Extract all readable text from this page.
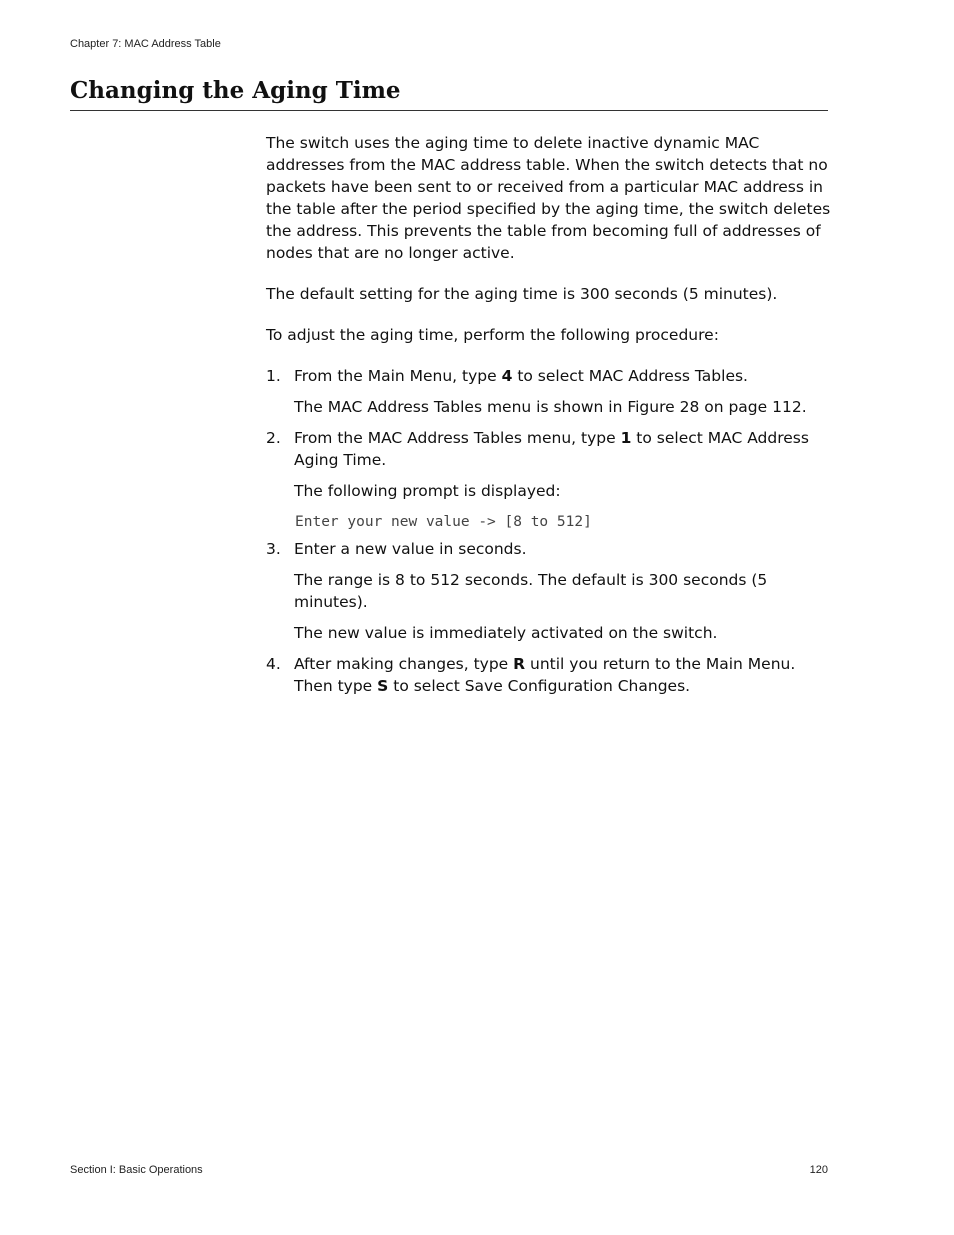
Chapter 7: MAC Address Table
Changing the Aging Time

The switch uses the aging time to delete inactive dynamic MAC addresses from the MAC address table. When the switch detects that no packets have been sent to or received from a particular MAC address in the table after the period specified by the aging time, the switch deletes the address. This prevents the table from becoming full of addresses of nodes that are no longer active.

The default setting for the aging time is 300 seconds (5 minutes).

To adjust the aging time, perform the following procedure:

1. From the Main Menu, type 4 to select MAC Address Tables.

The MAC Address Tables menu is shown in Figure 28 on page 112.

2. From the MAC Address Tables menu, type 1 to select MAC Address Aging Time.

The following prompt is displayed:

Enter your new value -> [8 to 512]
3. Enter a new value in seconds.

The range is 8 to 512 seconds. The default is 300 seconds (5 minutes).

The new value is immediately activated on the switch.

4. After making changes, type R until you return to the Main Menu. Then type S to select Save Configuration Changes.
Section I: Basic Operations	120
